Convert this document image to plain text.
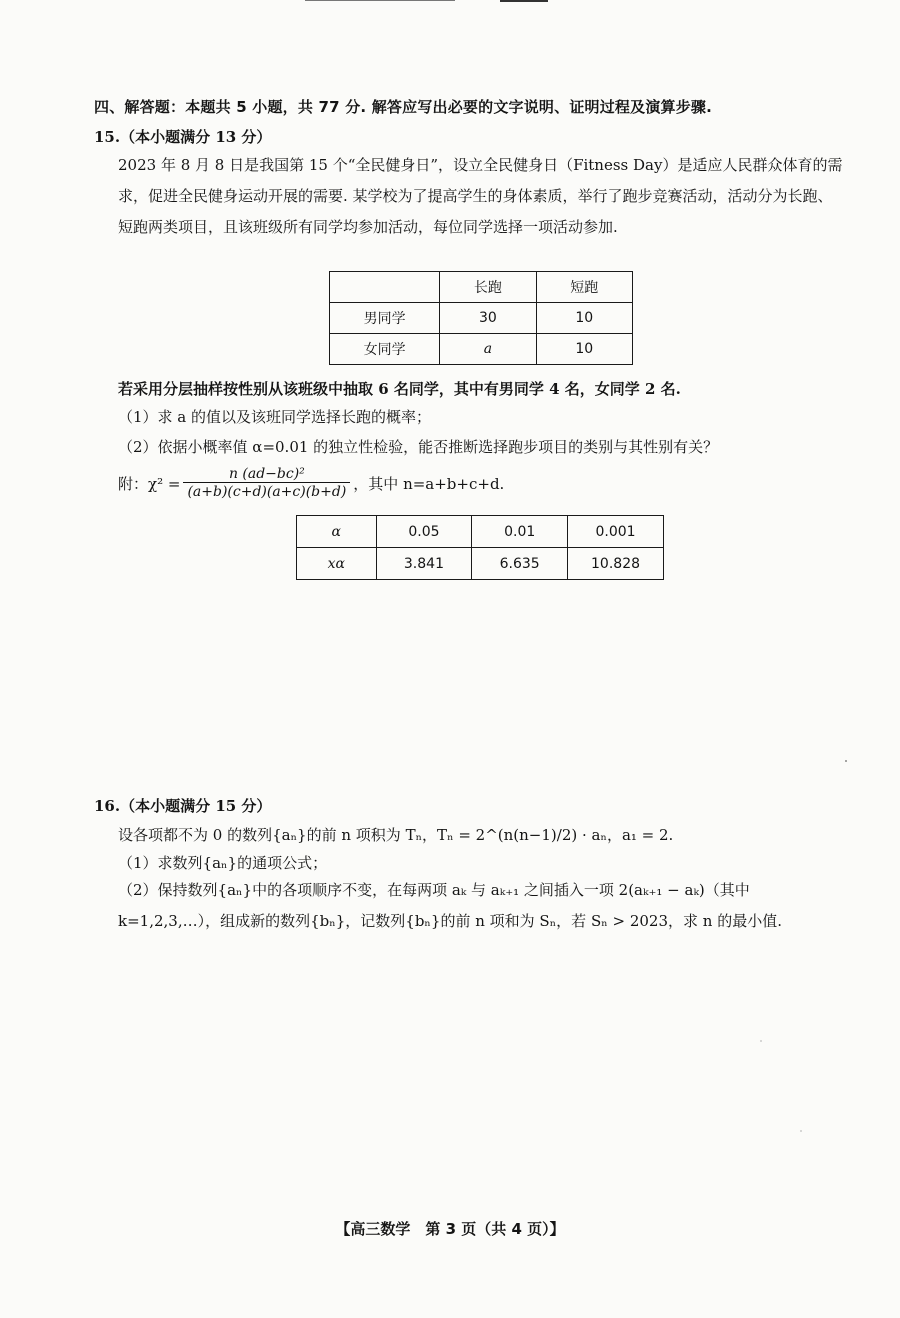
四、解答题：本题共 5 小题，共 77 分. 解答应写出必要的文字说明、证明过程及演算步骤.
15.（本小题满分 13 分）
2023 年 8 月 8 日是我国第 15 个“全民健身日”，设立全民健身日（Fitness Day）是适应人民群众体育的需求，促进全民健身运动开展的需要. 某学校为了提高学生的身体素质，举行了跑步竞赛活动，活动分为长跑、短跑两类项目，且该班级所有同学均参加活动，每位同学选择一项活动参加.
	长跑	短跑
男同学	30	10
女同学	a	10
若采用分层抽样按性别从该班级中抽取 6 名同学，其中有男同学 4 名，女同学 2 名.
（1）求 a 的值以及该班同学选择长跑的概率；
（2）依据小概率值 α=0.01 的独立性检验，能否推断选择跑步项目的类别与其性别有关？
附：$\chi^2 = \frac{\text{n (ad−bc)²}}{(a+b)(c+d)(a+c)(b+d)}$ ，其中 n=a+b+c+d.
α	0.05	0.01	0.001
xα	3.841	6.635	10.828
16.（本小题满分 15 分）
设各项都不为 0 的数列{aₙ}的前 n 项积为 Tₙ，Tₙ = 2^(n(n−1)/2) · aₙ，a₁ = 2.
（1）求数列{aₙ}的通项公式；
（2）保持数列{aₙ}中的各项顺序不变，在每两项 aₖ 与 aₖ₊₁ 之间插入一项 2(aₖ₊₁ − aₖ)（其中 k=1,2,3,…），组成新的数列{bₙ}，记数列{bₙ}的前 n 项和为 Sₙ，若 Sₙ > 2023，求 n 的最小值.
【高三数学　第 3 页（共 4 页）】
